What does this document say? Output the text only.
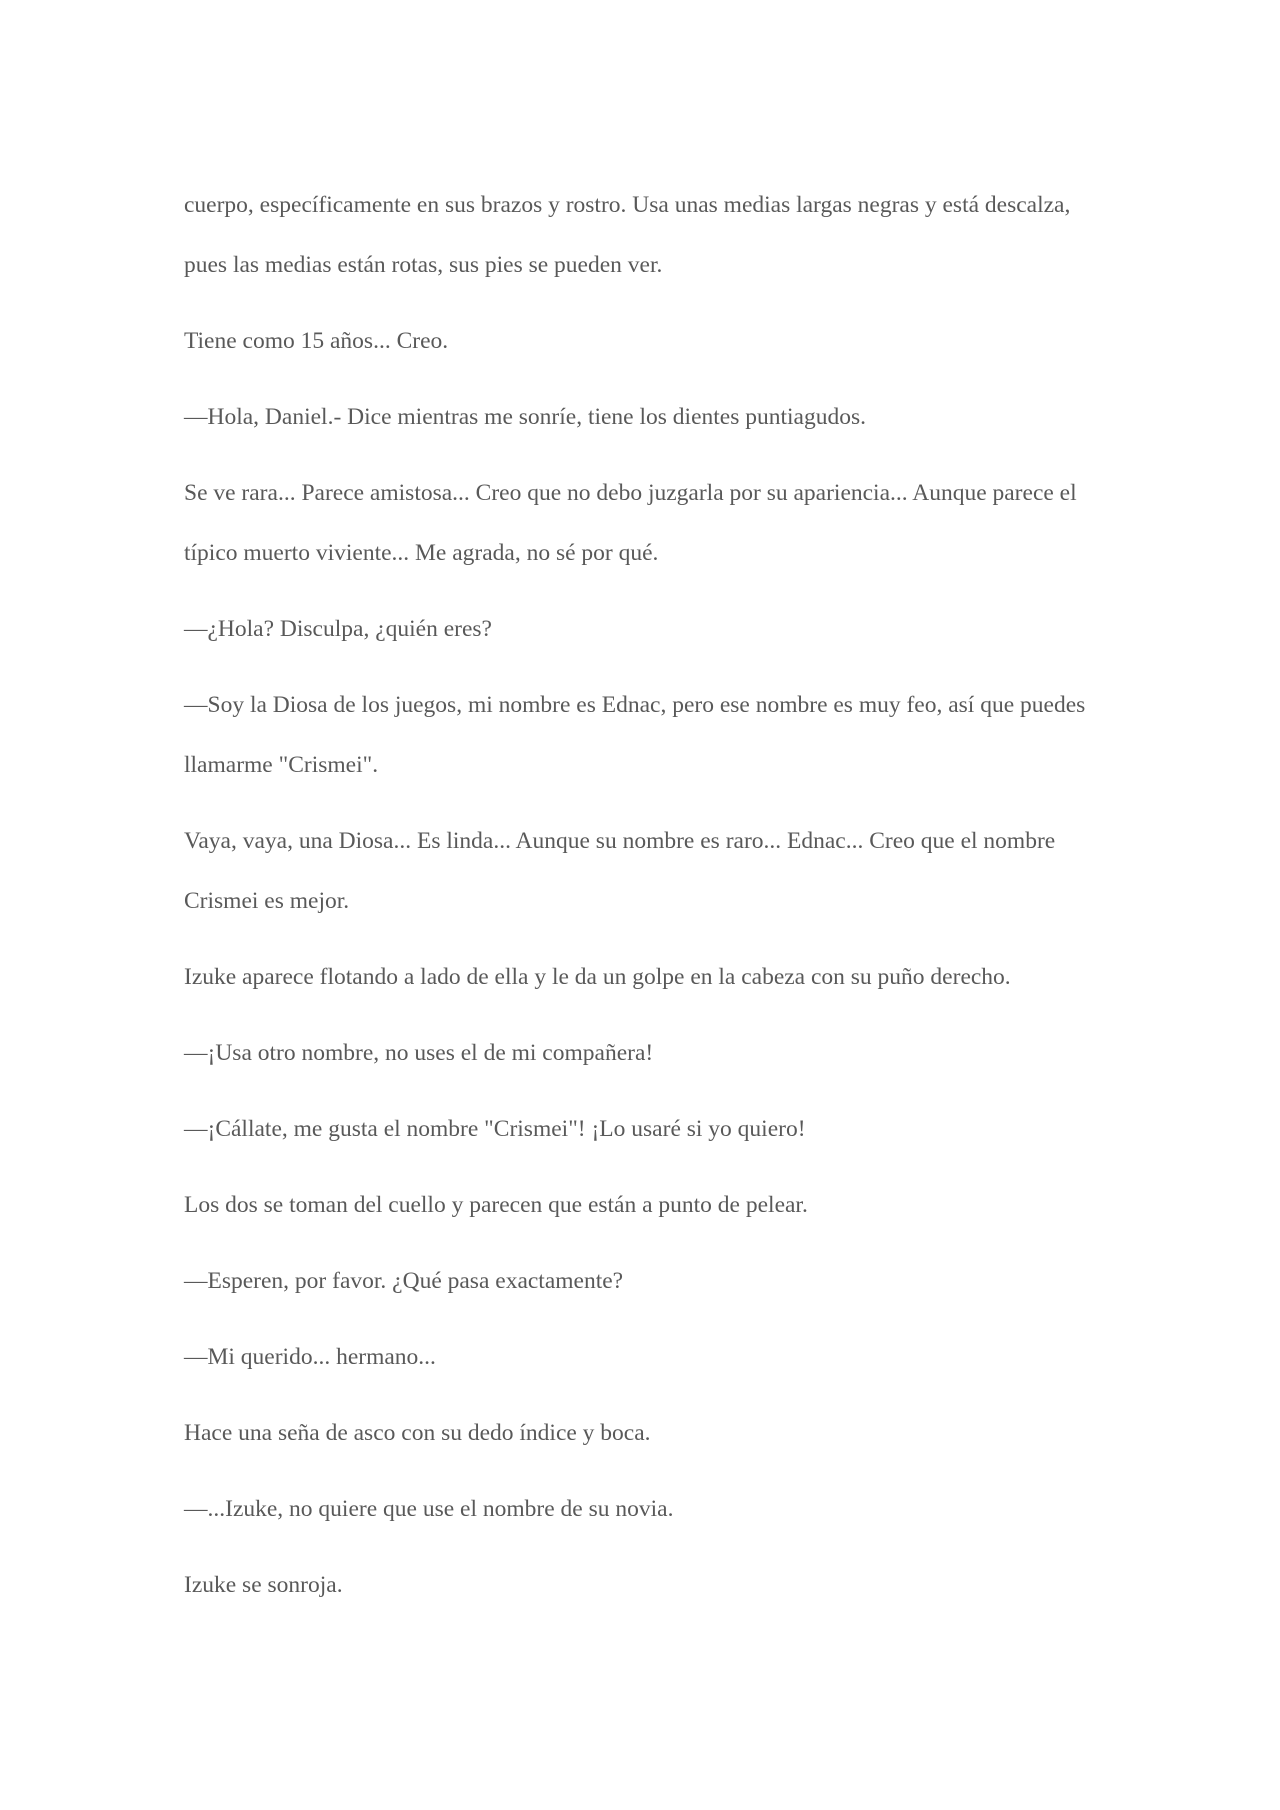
cuerpo, específicamente en sus brazos y rostro. Usa unas medias largas negras y está descalza, pues las medias están rotas, sus pies se pueden ver.

Tiene como 15 años... Creo.

—Hola, Daniel.- Dice mientras me sonríe, tiene los dientes puntiagudos.

Se ve rara... Parece amistosa... Creo que no debo juzgarla por su apariencia... Aunque parece el típico muerto viviente... Me agrada, no sé por qué.

—¿Hola? Disculpa, ¿quién eres?

—Soy la Diosa de los juegos, mi nombre es Ednac, pero ese nombre es muy feo, así que puedes llamarme "Crismei".

Vaya, vaya, una Diosa... Es linda... Aunque su nombre es raro... Ednac... Creo que el nombre Crismei es mejor.

Izuke aparece flotando a lado de ella y le da un golpe en la cabeza con su puño derecho.

—¡Usa otro nombre, no uses el de mi compañera!

—¡Cállate, me gusta el nombre "Crismei"! ¡Lo usaré si yo quiero!

Los dos se toman del cuello y parecen que están a punto de pelear.

—Esperen, por favor. ¿Qué pasa exactamente?

—Mi querido... hermano...

Hace una seña de asco con su dedo índice y boca.

—...Izuke, no quiere que use el nombre de su novia.

Izuke se sonroja.
